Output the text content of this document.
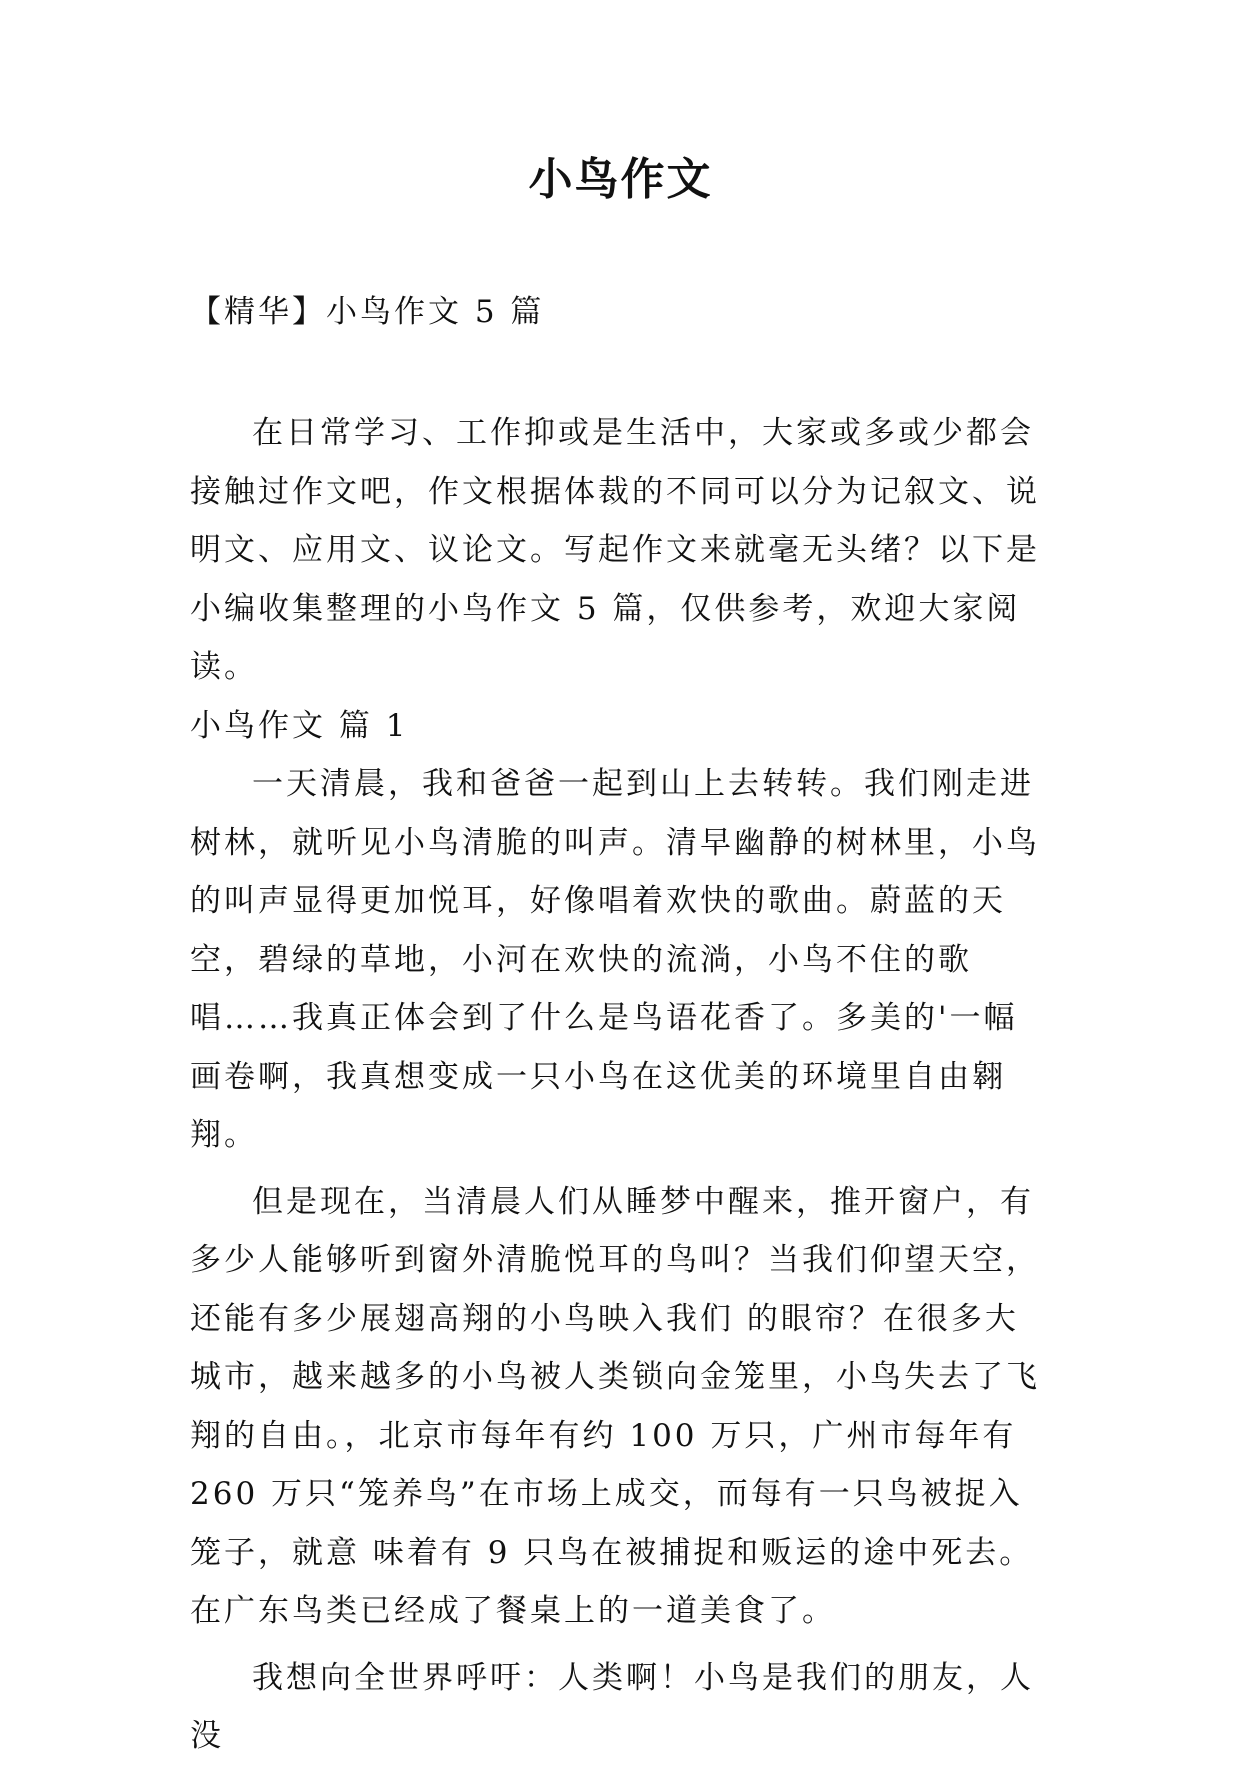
小鸟作文
【精华】小鸟作文 5 篇

在日常学习、工作抑或是生活中，大家或多或少都会接触过作文吧，作文根据体裁的不同可以分为记叙文、说明文、应用文、议论文。写起作文来就毫无头绪？以下是小编收集整理的小鸟作文 5 篇，仅供参考，欢迎大家阅读。

小鸟作文 篇 1

一天清晨，我和爸爸一起到山上去转转。我们刚走进树林，就听见小鸟清脆的叫声。清早幽静的树林里，小鸟的叫声显得更加悦耳，好像唱着欢快的歌曲。蔚蓝的天空，碧绿的草地，小河在欢快的流淌，小鸟不住的歌唱……我真正体会到了什么是鸟语花香了。多美的'一幅画卷啊，我真想变成一只小鸟在这优美的环境里自由翱翔。

但是现在，当清晨人们从睡梦中醒来，推开窗户，有多少人能够听到窗外清脆悦耳的鸟叫？当我们仰望天空，还能有多少展翅高翔的小鸟映入我们 的眼帘？在很多大城市，越来越多的小鸟被人类锁向金笼里，小鸟失去了飞翔的自由。，北京市每年有约 100 万只，广州市每年有 260 万只“笼养鸟”在市场上成交，而每有一只鸟被捉入笼子，就意 味着有 9 只鸟在被捕捉和贩运的途中死去。在广东鸟类已经成了餐桌上的一道美食了。

我想向全世界呼吁：人类啊！小鸟是我们的朋友，人没
